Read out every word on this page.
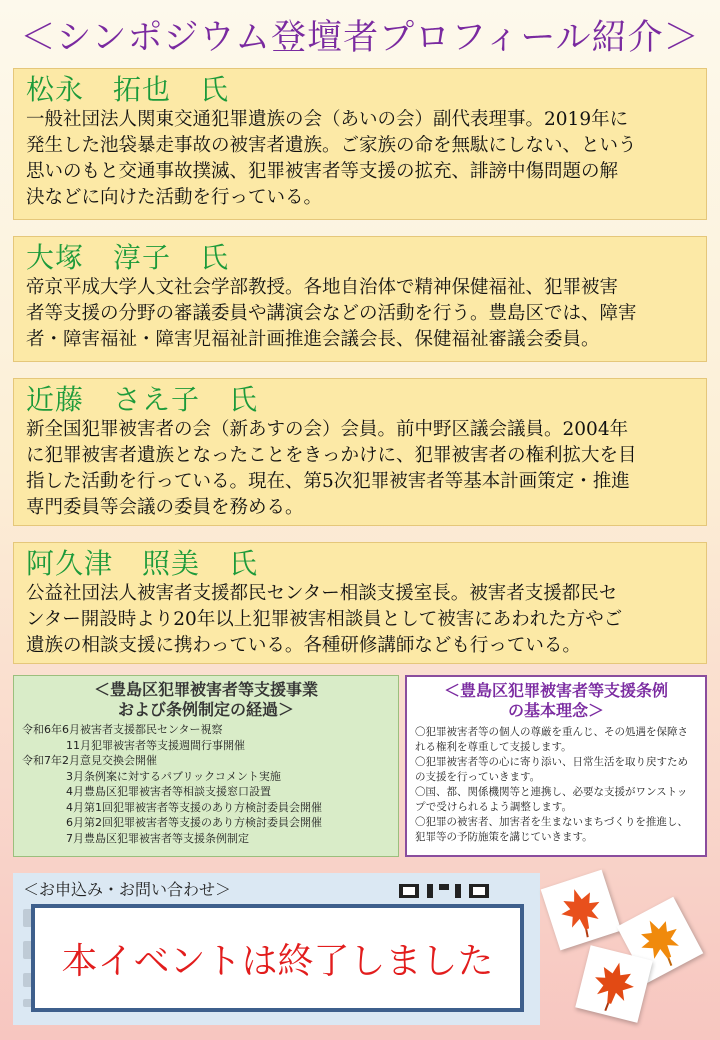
＜シンポジウム登壇者プロフィール紹介＞
松永　拓也　氏
一般社団法人関東交通犯罪遺族の会（あいの会）副代表理事。2019年に
発生した池袋暴走事故の被害者遺族。ご家族の命を無駄にしない、という
思いのもと交通事故撲滅、犯罪被害者等支援の拡充、誹謗中傷問題の解
決などに向けた活動を行っている。
大塚　淳子　氏
帝京平成大学人文社会学部教授。各地自治体で精神保健福祉、犯罪被害
者等支援の分野の審議委員や講演会などの活動を行う。豊島区では、障害
者・障害福祉・障害児福祉計画推進会議会長、保健福祉審議会委員。
近藤　さえ子　氏
新全国犯罪被害者の会（新あすの会）会員。前中野区議会議員。2004年
に犯罪被害者遺族となったことをきっかけに、犯罪被害者の権利拡大を目
指した活動を行っている。現在、第5次犯罪被害者等基本計画策定・推進
専門委員等会議の委員を務める。
阿久津　照美　氏
公益社団法人被害者支援都民センター相談支援室長。被害者支援都民セ
ンター開設時より20年以上犯罪被害相談員として被害にあわれた方やご
遺族の相談支援に携わっている。各種研修講師なども行っている。
＜豊島区犯罪被害者等支援事業
および条例制定の経過＞
令和6年6月被害者支援都民センター視察
　　　　11月犯罪被害者等支援週間行事開催
令和7年2月意見交換会開催
　　　　3月条例案に対するパブリックコメント実施
　　　　4月豊島区犯罪被害者等相談支援窓口設置
　　　　4月第1回犯罪被害者等支援のあり方検討委員会開催
　　　　6月第2回犯罪被害者等支援のあり方検討委員会開催
　　　　7月豊島区犯罪被害者等支援条例制定
＜豊島区犯罪被害者等支援条例
の基本理念＞
〇犯罪被害者等の個人の尊厳を重んじ、その処遇を保障される権利を尊重して支援します。
〇犯罪被害者等の心に寄り添い、日常生活を取り戻すための支援を行っていきます。
〇国、都、関係機関等と連携し、必要な支援がワンストップで受けられるよう調整します。
〇犯罪の被害者、加害者を生まないまちづくりを推進し、犯罪等の予防施策を講じていきます。
＜お申込み・お問い合わせ＞
本イベントは終了しました
